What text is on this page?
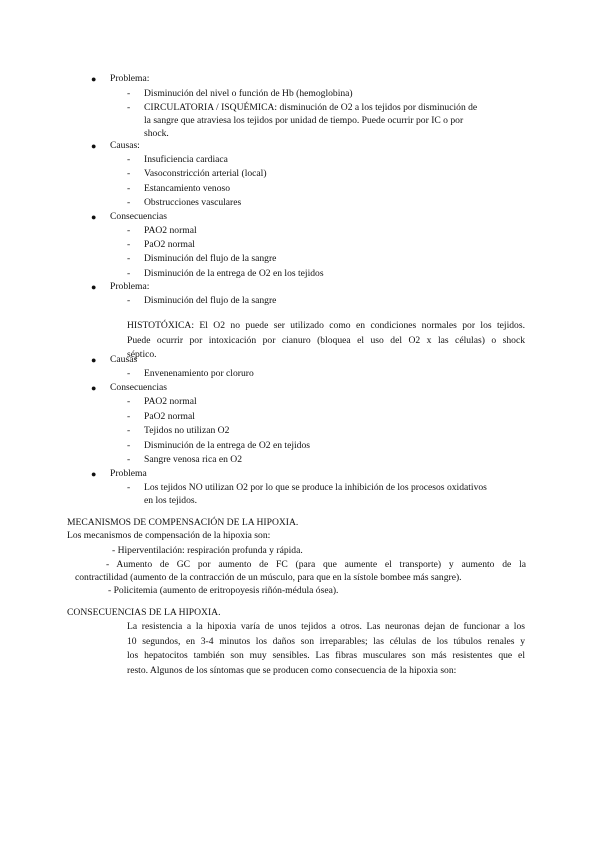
● Problema:
- Disminución del nivel o función de Hb (hemoglobina)
- CIRCULATORIA / ISQUÉMICA: disminución de O2 a los tejidos por disminución de
la sangre que atraviesa los tejidos por unidad de tiempo. Puede ocurrir por IC o por
shock.
● Causas:
- Insuficiencia cardiaca
- Vasoconstricción arterial (local)
- Estancamiento venoso
- Obstrucciones vasculares
● Consecuencias
- PAO2 normal
- PaO2 normal
- Disminución del flujo de la sangre
- Disminución de la entrega de O2 en los tejidos
● Problema:
- Disminución del flujo de la sangre
HISTOTÓXICA: El O2 no puede ser utilizado como en condiciones normales por los tejidos.
Puede ocurrir por intoxicación por cianuro (bloquea el uso del O2 x las células) o shock
séptico.
● Causas
- Envenenamiento por cloruro
● Consecuencias
- PAO2 normal
- PaO2 normal
- Tejidos no utilizan O2
- Disminución de la entrega de O2 en tejidos
- Sangre venosa rica en O2
● Problema
- Los tejidos NO utilizan O2 por lo que se produce la inhibición de los procesos oxidativos
en los tejidos.
MECANISMOS DE COMPENSACIÓN DE LA HIPOXIA.
Los mecanismos de compensación de la hipoxia son:
- Hiperventilación: respiración profunda y rápida.
- Aumento de GC por aumento de FC (para que aumente el transporte) y aumento de la
contractilidad (aumento de la contracción de un músculo, para que en la sístole bombee más sangre).
- Policitemia (aumento de eritropoyesis riñón-médula ósea).
CONSECUENCIAS DE LA HIPOXIA.
La resistencia a la hipoxia varía de unos tejidos a otros. Las neuronas dejan de funcionar a los
10 segundos, en 3-4 minutos los daños son irreparables; las células de los túbulos renales y
los hepatocitos también son muy sensibles. Las fibras musculares son más resistentes que el
resto. Algunos de los síntomas que se producen como consecuencia de la hipoxia son:
